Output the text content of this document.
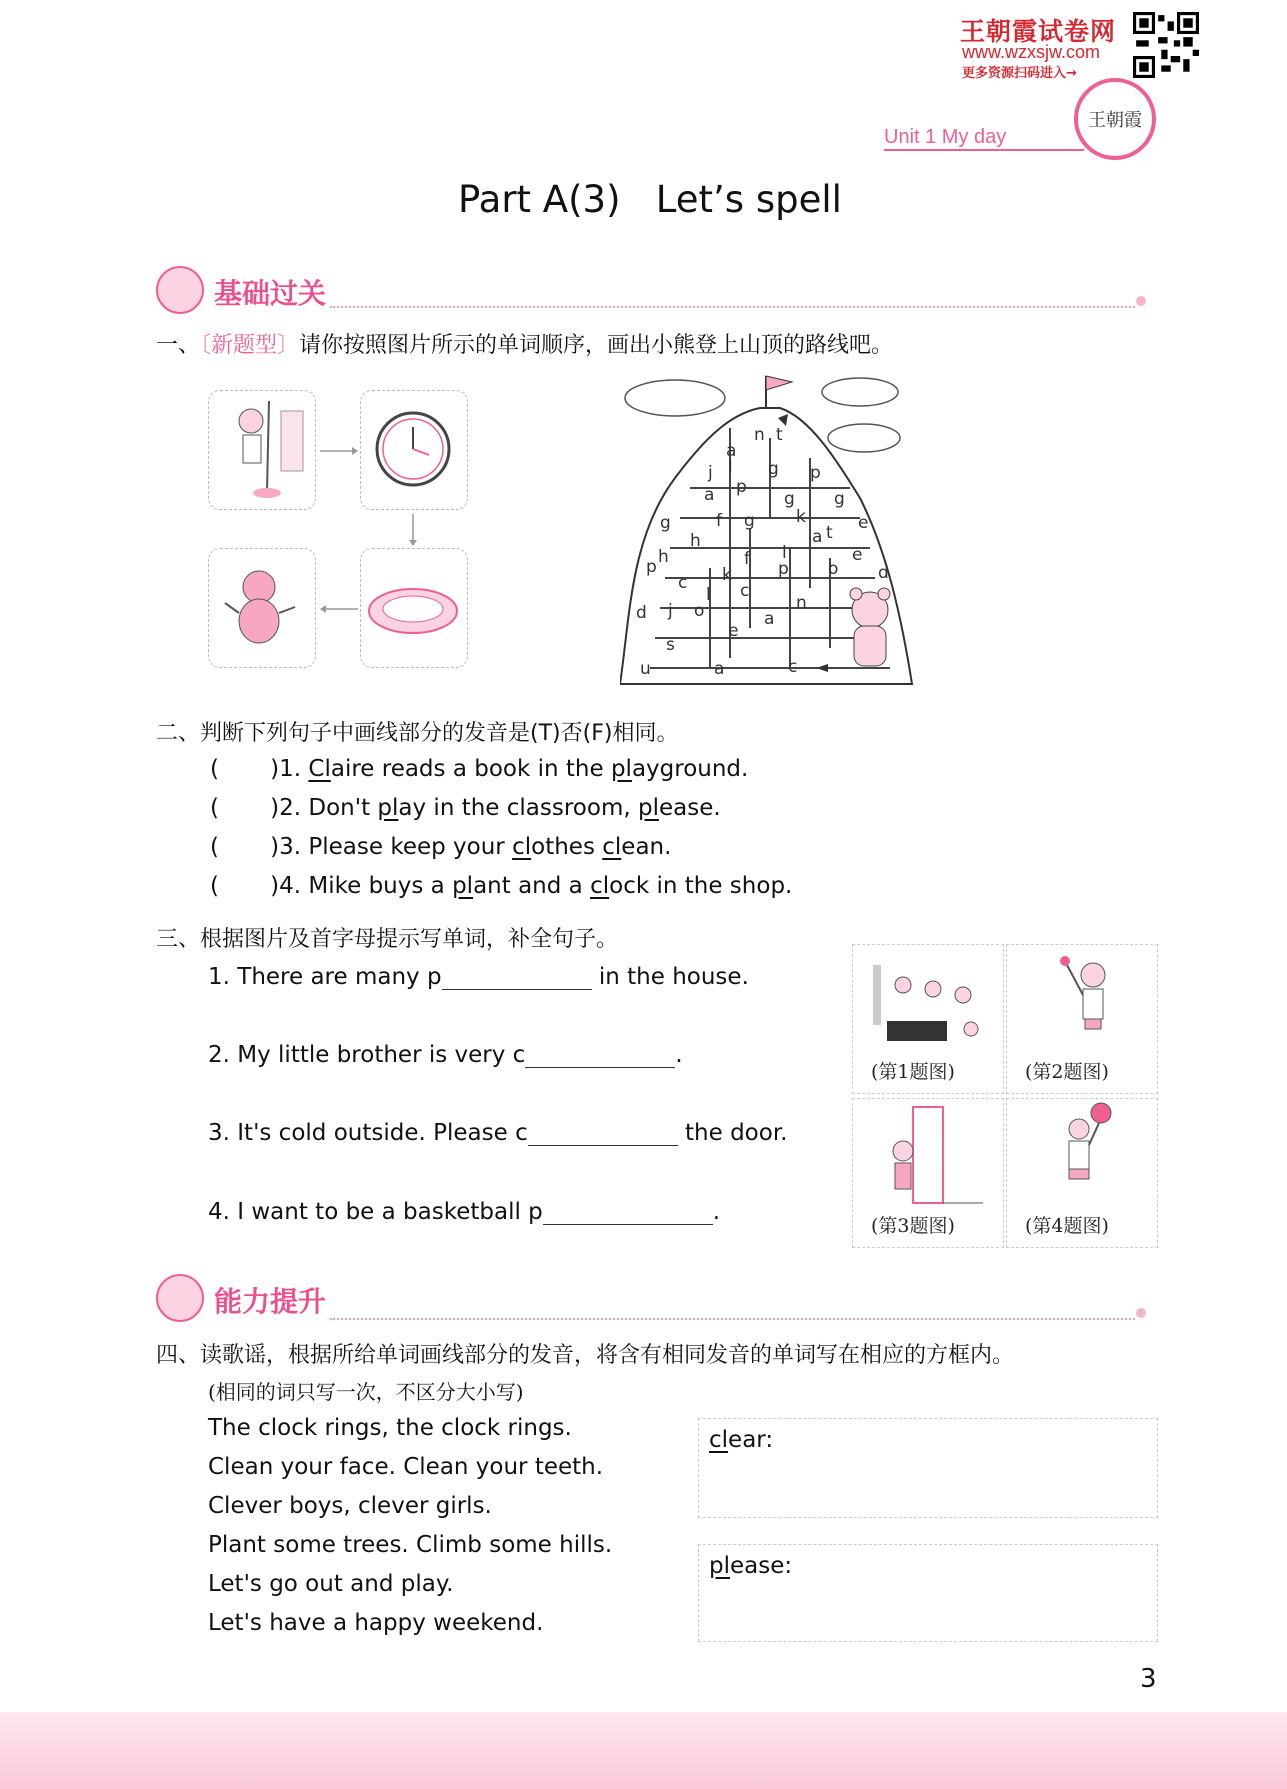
王朝霞试卷网
www.wzxsjw.com
更多资源扫码进入→
王朝霞
Unit 1 My day
Part A(3)   Let’s spell
基础过关
一、〔新题型〕请你按照图片所示的单词顺序，画出小熊登上山顶的路线吧。
n t
a
l g p
j
a p
g g
g	f g k	e
h	a t
h	f l	e
k	p o
p	d
c
l
o
c
n
j
d
e
a
s
u	a	c
二、判断下列句子中画线部分的发音是(T)否(F)相同。
(       )1. Claire reads a book in the playground.
(       )2. Don't play in the classroom, please.
(       )3. Please keep your clothes clean.
(       )4. Mike buys a plant and a clock in the shop.
三、根据图片及首字母提示写单词，补全句子。
1. There are many p	in the house.
2. My little brother is very c	.
3. It's cold outside. Please c	the door.
4. I want to be a basketball p	.
(第1题图)	(第2题图)
(第3题图)	(第4题图)
能力提升
四、读歌谣，根据所给单词画线部分的发音，将含有相同发音的单词写在相应的方框内。
(相同的词只写一次，不区分大小写)
The clock rings, the clock rings.
Clean your face. Clean your teeth.
Clever boys, clever girls.
Plant some trees. Climb some hills.
Let's go out and play.
Let's have a happy weekend.
clear:
please:
3
